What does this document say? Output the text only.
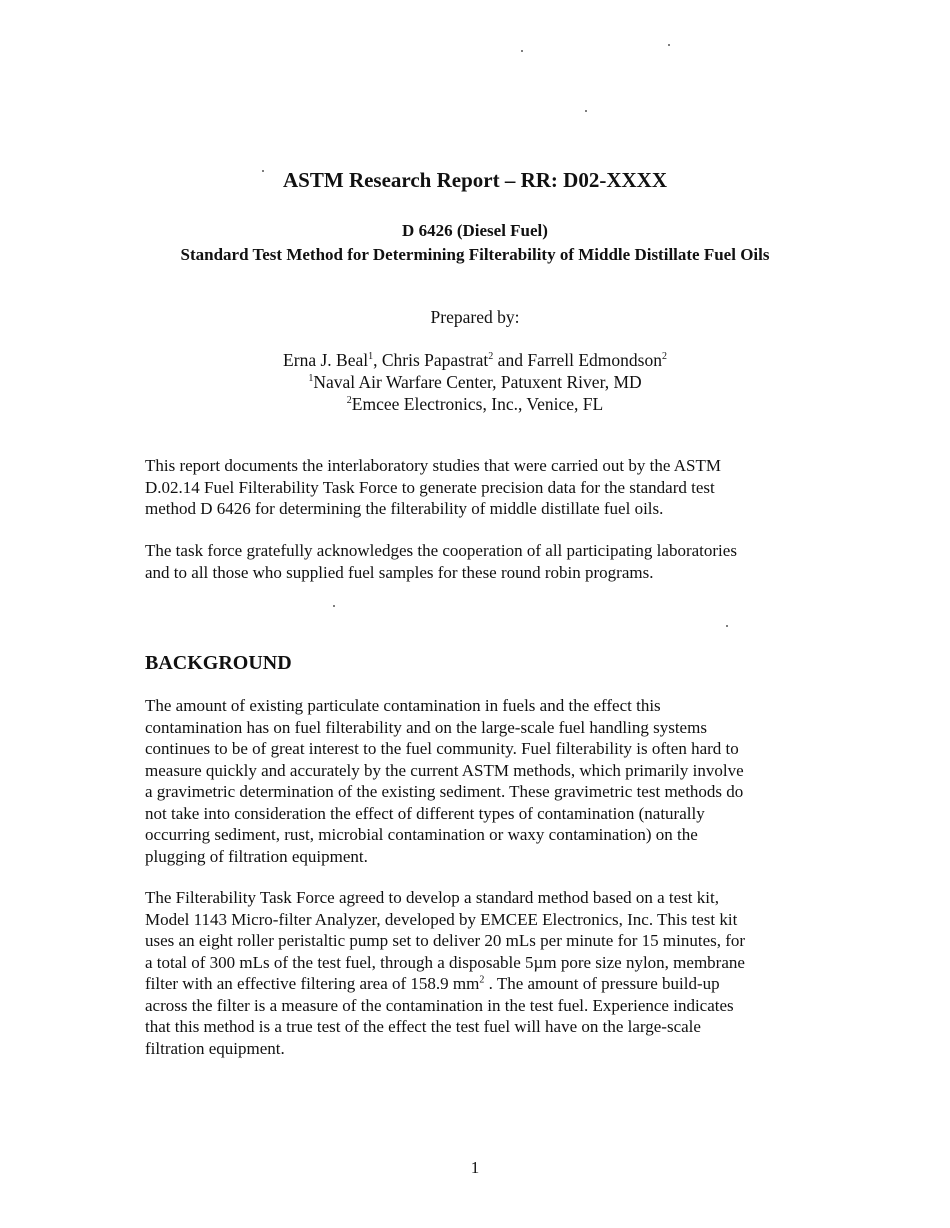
ASTM Research Report – RR: D02-XXXX
D 6426 (Diesel Fuel)
Standard Test Method for Determining Filterability of Middle Distillate Fuel Oils
Prepared by:
Erna J. Beal$^1$, Chris Papastrat$^2$ and Farrell Edmondson$^2$
$^1$Naval Air Warfare Center, Patuxent River, MD
$^2$Emcee Electronics, Inc., Venice, FL

This report documents the interlaboratory studies that were carried out by the ASTM
D.02.14 Fuel Filterability Task Force to generate precision data for the standard test
method D 6426 for determining the filterability of middle distillate fuel oils.

The task force gratefully acknowledges the cooperation of all participating laboratories
and to all those who supplied fuel samples for these round robin programs.

BACKGROUND

The amount of existing particulate contamination in fuels and the effect this
contamination has on fuel filterability and on the large-scale fuel handling systems
continues to be of great interest to the fuel community. Fuel filterability is often hard to
measure quickly and accurately by the current ASTM methods, which primarily involve
a gravimetric determination of the existing sediment. These gravimetric test methods do
not take into consideration the effect of different types of contamination (naturally
occurring sediment, rust, microbial contamination or waxy contamination) on the
plugging of filtration equipment.

The Filterability Task Force agreed to develop a standard method based on a test kit,
Model 1143 Micro-filter Analyzer, developed by EMCEE Electronics, Inc. This test kit
uses an eight roller peristaltic pump set to deliver 20 mLs per minute for 15 minutes, for
a total of 300 mLs of the test fuel, through a disposable 5µm pore size nylon, membrane
filter with an effective filtering area of 158.9 $mm^2$ . The amount of pressure build-up
across the filter is a measure of the contamination in the test fuel. Experience indicates
that this method is a true test of the effect the test fuel will have on the large-scale
filtration equipment.

1
